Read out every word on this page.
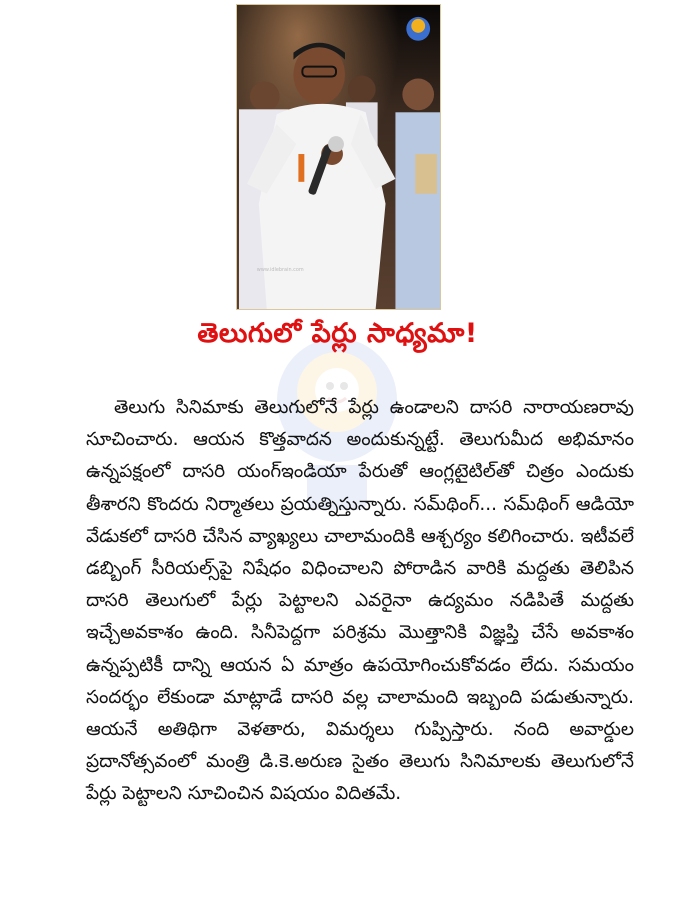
www.idlebrain.com
తెలుగులో పేర్లు సాధ్యమా!

తెలుగు సినిమాకు తెలుగులోనే పేర్లు ఉండాలని దాసరి నారాయణరావు సూచించారు. ఆయన కొత్తవాదన అందుకున్నట్టే. తెలుగుమీద అభిమానం ఉన్నపక్షంలో దాసరి యంగ్ఇండియా పేరుతో ఆంగ్లటైటిల్‌తో చిత్రం ఎందుకు తీశారని కొందరు నిర్మాతలు ప్రయత్నిస్తున్నారు. సమ్‌థింగ్... సమ్‌థింగ్ ఆడియో వేడుకలో దాసరి చేసిన వ్యాఖ్యలు చాలామందికి ఆశ్చర్యం కలిగించారు. ఇటీవలే డబ్బింగ్ సీరియల్స్‌పై నిషేధం విధించాలని పోరాడిన వారికి మద్దతు తెలిపిన దాసరి తెలుగులో పేర్లు పెట్టాలని ఎవరైనా ఉద్యమం నడిపితే మద్దతు ఇచ్చేఅవకాశం ఉంది. సినీపెద్దగా పరిశ్రమ మొత్తానికి విజ్ఞప్తి చేసే అవకాశం ఉన్నప్పటికీ దాన్ని ఆయన ఏ మాత్రం ఉపయోగించుకోవడం లేదు. సమయం సందర్భం లేకుండా మాట్లాడే దాసరి వల్ల చాలామంది ఇబ్బంది పడుతున్నారు. ఆయనే అతిథిగా వెళతారు, విమర్శలు గుప్పిస్తారు. నంది అవార్డుల ప్రదానోత్సవంలో మంత్రి డి.కె.అరుణ సైతం తెలుగు సినిమాలకు తెలుగులోనే పేర్లు పెట్టాలని సూచించిన విషయం విదితమే.
